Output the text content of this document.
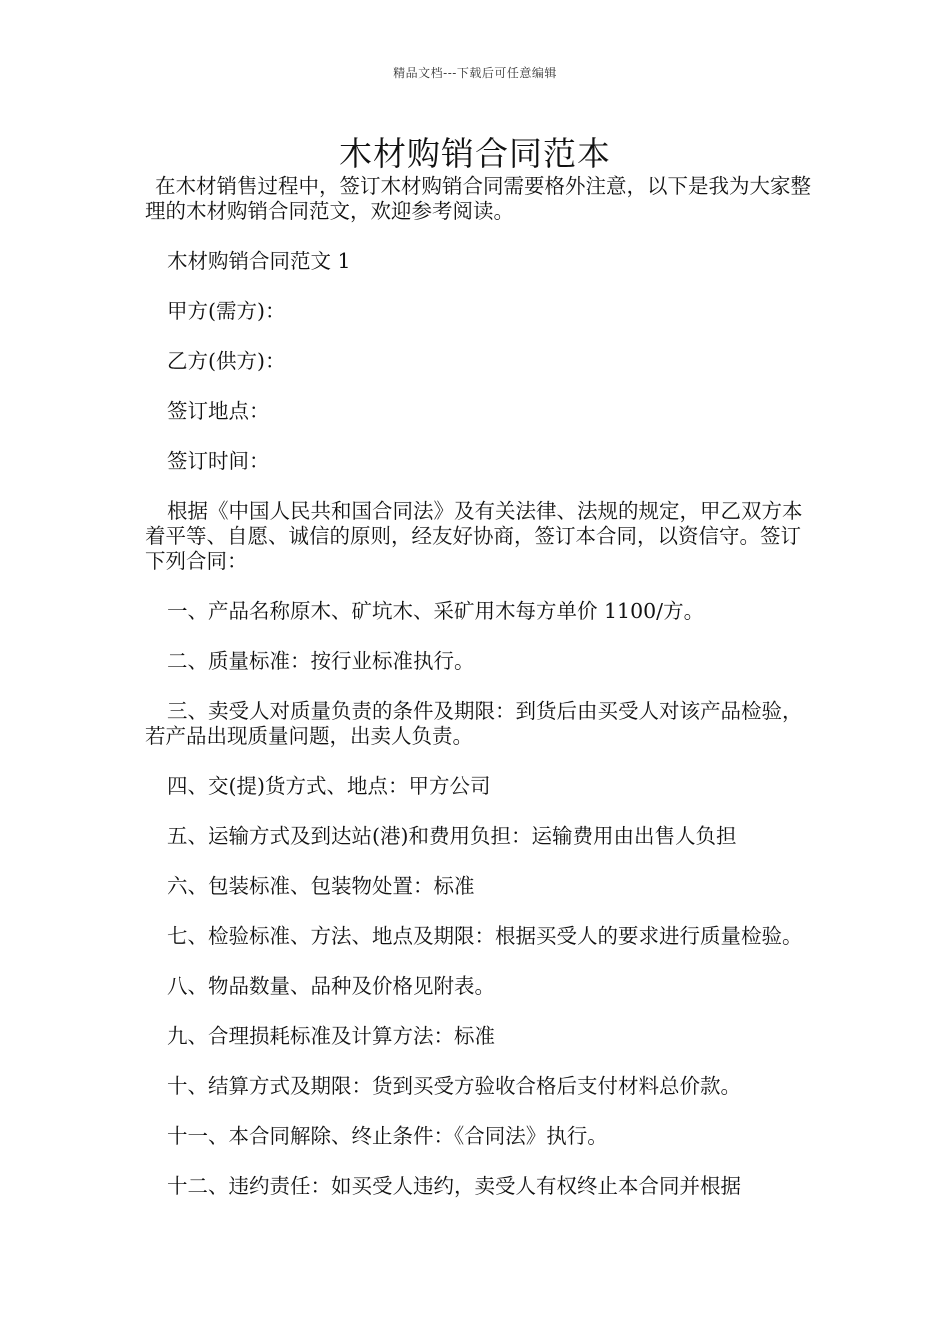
精品文档---下载后可任意编辑
木材购销合同范本

在木材销售过程中，签订木材购销合同需要格外注意，以下是我为大家整理的木材购销合同范文，欢迎参考阅读。

木材购销合同范文 1

甲方(需方)：

乙方(供方)：

签订地点：

签订时间：

根据《中国人民共和国合同法》及有关法律、法规的规定，甲乙双方本着平等、自愿、诚信的原则，经友好协商，签订本合同，以资信守。签订下列合同：

一、产品名称原木、矿坑木、采矿用木每方单价 1100/方。

二、质量标准：按行业标准执行。

三、卖受人对质量负责的条件及期限：到货后由买受人对该产品检验，若产品出现质量问题，出卖人负责。

四、交(提)货方式、地点：甲方公司

五、运输方式及到达站(港)和费用负担：运输费用由出售人负担

六、包装标准、包装物处置：标准

七、检验标准、方法、地点及期限：根据买受人的要求进行质量检验。

八、物品数量、品种及价格见附表。

九、合理损耗标准及计算方法：标准

十、结算方式及期限：货到买受方验收合格后支付材料总价款。

十一、本合同解除、终止条件：《合同法》执行。

十二、违约责任：如买受人违约，卖受人有权终止本合同并根据
